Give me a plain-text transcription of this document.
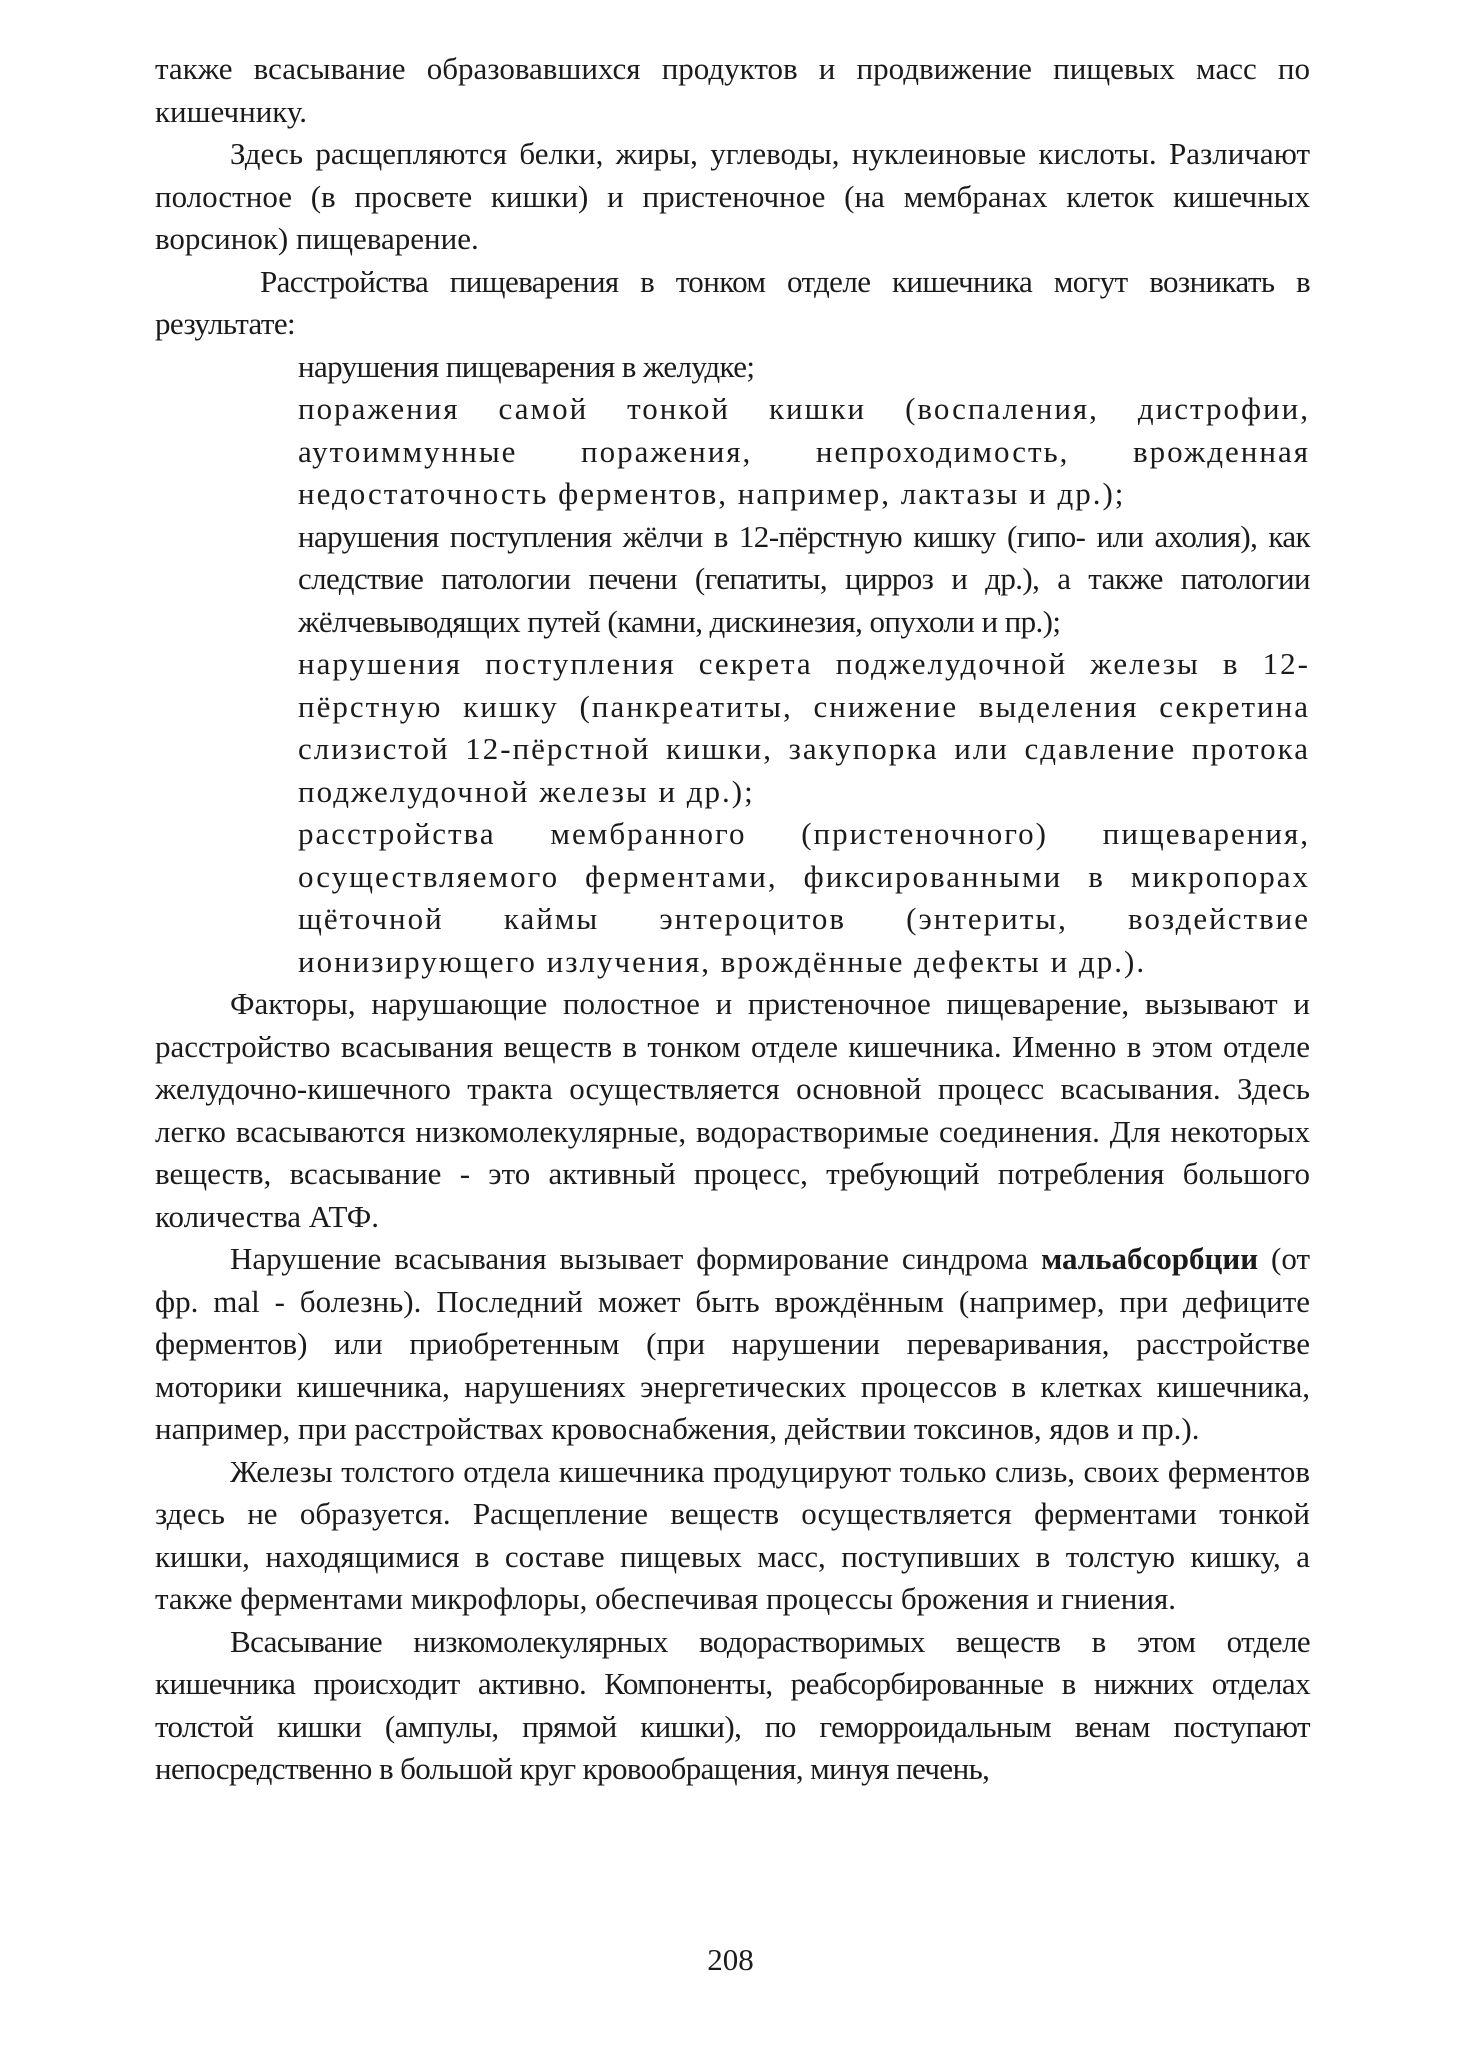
также всасывание образовавшихся продуктов и продвижение пищевых масс по кишечнику.

Здесь расщепляются белки, жиры, углеводы, нуклеиновые кислоты. Различают полостное (в просвете кишки) и пристеночное (на мембранах клеток кишечных ворсинок) пищеварение.

Расстройства пищеварения в тонком отделе кишечника могут возникать в результате:

нарушения пищеварения в желудке;

поражения самой тонкой кишки (воспаления, дистрофии, аутоиммунные поражения, непроходимость, врожденная недостаточность ферментов, например, лактазы и др.);

нарушения поступления жёлчи в 12-пёрстную кишку (гипо- или ахолия), как следствие патологии печени (гепатиты, цирроз и др.), а также патологии жёлчевыводящих путей (камни, дискинезия, опухоли и пр.);

нарушения поступления секрета поджелудочной железы в 12-пёрстную кишку (панкреатиты, снижение выделения секретина слизистой 12-пёрстной кишки, закупорка или сдавление протока поджелудочной железы и др.);

расстройства мембранного (пристеночного) пищеварения, осуществляемого ферментами, фиксированными в микропорах щёточной каймы энтероцитов (энтериты, воздействие ионизирующего излучения, врождённые дефекты и др.).

Факторы, нарушающие полостное и пристеночное пищеварение, вызывают и расстройство всасывания веществ в тонком отделе кишечника. Именно в этом отделе желудочно-кишечного тракта осуществляется основной процесс всасывания. Здесь легко всасываются низкомолекулярные, водорастворимые соединения. Для некоторых веществ, всасывание - это активный процесс, требующий потребления большого количества АТФ.

Нарушение всасывания вызывает формирование синдрома мальабсорбции (от фр. mal - болезнь). Последний может быть врождённым (например, при дефиците ферментов) или приобретенным (при нарушении переваривания, расстройстве моторики кишечника, нарушениях энергетических процессов в клетках кишечника, например, при расстройствах кровоснабжения, действии токсинов, ядов и пр.).

Железы толстого отдела кишечника продуцируют только слизь, своих ферментов здесь не образуется. Расщепление веществ осуществляется ферментами тонкой кишки, находящимися в составе пищевых масс, поступивших в толстую кишку, а также ферментами микрофлоры, обеспечивая процессы брожения и гниения.

Всасывание низкомолекулярных водорастворимых веществ в этом отделе кишечника происходит активно. Компоненты, реабсорбированные в нижних отделах толстой кишки (ампулы, прямой кишки), по геморроидальным венам поступают непосредственно в большой круг кровообращения, минуя печень,

208
